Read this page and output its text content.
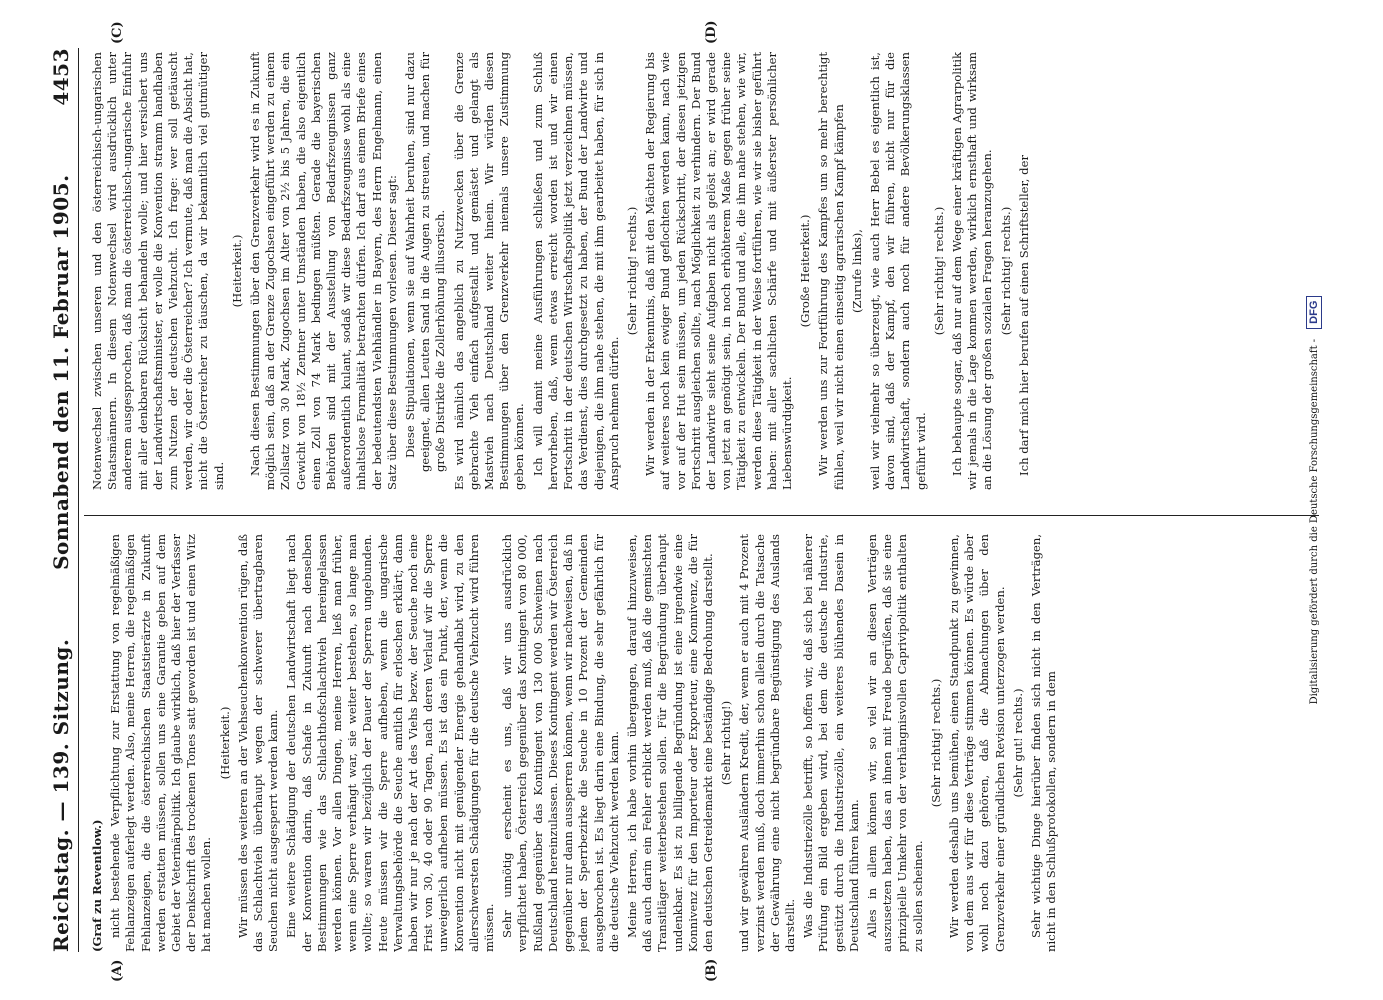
Reichstag. — 139. Sitzung.
Sonnabend den 11. Februar 1905.
4453
(A)	(B)
(C)	(D)

(Graf zu Reventlow.) nicht bestehende Verpflichtung zur Erstattung von regelmäßigen Fehlanzeigen auferlegt werden. Also, meine Herren, die regelmäßigen Fehlanzeigen, die die österreichischen Staatstierärzte in Zukunft werden erstatten müssen, sollen uns eine Garantie geben auf dem Gebiet der Veterinärpolitik. Ich glaube wirklich, daß hier der Verfasser der Denkschrift des trockenen Tones satt geworden ist und einen Witz hat machen wollen.

(Heiterkeit.) Wir müssen des weiteren an der Viehseuchenkonvention rügen, daß das Schlachtvieh überhaupt wegen der schwerer übertragbaren Seuchen nicht ausgesperrt werden kann. Eine weitere Schädigung der deutschen Landwirtschaft liegt nach der Konvention darin, daß Schafe in Zukunft nach denselben Bestimmungen wie das Schlachthofschlachtvieh hereingelassen werden können. Vor allen Dingen, meine Herren, ließ man früher, wenn eine Sperre verhängt war, sie weiter bestehen, so lange man wollte; so waren wir bezüglich der Dauer der Sperren ungebunden. Heute müssen wir die Sperre aufheben, wenn die ungarische Verwaltungsbehörde die Seuche amtlich für erloschen erklärt; dann haben wir nur je nach der Art des Viehs bezw. der Seuche noch eine Frist von 30, 40 oder 90 Tagen, nach deren Verlauf wir die Sperre unweigerlich aufheben müssen. Es ist das ein Punkt, der, wenn die Konvention nicht mit genügender Energie gehandhabt wird, zu den allerschwersten Schädigungen für die deutsche Viehzucht wird führen müssen. Sehr unnötig erscheint es uns, daß wir uns ausdrücklich verpflichtet haben, Österreich gegenüber das Kontingent von 80 000, Rußland gegenüber das Kontingent von 130 000 Schweinen nach Deutschland hereinzulassen. Dieses Kontingent werden wir Österreich gegenüber nur dann aussperren können, wenn wir nachweisen, daß in jedem der Sperrbezirke die Seuche in 10 Prozent der Gemeinden ausgebrochen ist. Es liegt darin eine Bindung, die sehr gefährlich für die deutsche Viehzucht werden kann. Meine Herren, ich habe vorhin übergangen, darauf hinzuweisen, daß auch darin ein Fehler erblickt werden muß, daß die gemischten Transitläger weiterbestehen sollen. Für die Begründung überhaupt undenkbar. Es ist zu billigende Begründung ist eine irgendwie eine Konnivenz für den Importeur oder Exporteur, eine Konnivenz, die für den deutschen Getreidemarkt eine beständige Bedrohung darstellt. (Sehr richtig!) und wir gewähren Ausländern Kredit, der, wenn er auch mit 4 Prozent verzinst werden muß, doch immerhin schon allein durch die Tatsache der Gewährung eine nicht begründbare Begünstigung des Auslands darstellt. Was die Industriezölle betrifft, so hoffen wir, daß sich bei näherer Prüfung ein Bild ergeben wird, bei dem die deutsche Industrie, gestützt durch die Industriezölle, ein weiteres blühendes Dasein in Deutschland führen kann. Alles in allem können wir, so viel wir an diesen Verträgen auszusetzen haben, das an ihnen mit Freude begrüßen, daß sie eine prinzipielle Umkehr von der verhängnisvollen Caprivipolitik enthalten zu sollen scheinen.

(Sehr richtig! rechts.) Wir werden deshalb uns bemühen, einen Standpunkt zu gewinnen, von dem aus wir für diese Verträge stimmen können. Es würde aber wohl noch dazu gehören, daß die Abmachungen über den Grenzverkehr einer gründlichen Revision unterzogen werden. (Sehr gut! rechts.) Sehr wichtige Dinge hierüber finden sich nicht in den Verträgen, nicht in den Schlußprotokollen, sondern in dem

Notenwechsel zwischen unseren und den österreichisch-ungarischen Staatsmännern. In diesem Notenwechsel wird ausdrücklich unter anderem ausgesprochen, daß man die österreichisch-ungarische Einfuhr mit aller denkbaren Rücksicht behandeln wolle; und hier versichert uns der Landwirtschaftsminister, er wolle die Konvention stramm handhaben zum Nutzen der deutschen Viehzucht. Ich frage: wer soll getäuscht werden, wir oder die Österreicher? Ich vermute, daß man die Absicht hat, nicht die Österreicher zu täuschen, da wir bekanntlich viel gutmütiger sind.

(Heiterkeit.) Nach diesen Bestimmungen über den Grenzverkehr wird es in Zukunft möglich sein, daß an der Grenze Zugochsen eingeführt werden zu einem Zollsatz von 30 Mark, Zugochsen im Alter von 2½ bis 5 Jahren, die ein Gewicht von 18½ Zentner unter Umständen haben, die also eigentlich einen Zoll von 74 Mark bedingen müßten. Gerade die bayerischen Behörden sind mit der Ausstellung von Bedarfszeugnissen ganz außerordentlich kulant, sodaß wir diese Bedarfszeugnisse wohl als eine inhaltslose Formalität betrachten dürfen. Ich darf aus einem Briefe eines der bedeutendsten Viehhändler in Bayern, des Herrn Engelmann, einen Satz über diese Bestimmungen vorlesen. Dieser sagt: Diese Stipulationen, wenn sie auf Wahrheit beruhen, sind nur dazu geeignet, allen Leuten Sand in die Augen zu streuen, und machen für große Distrikte die Zollerhöhung illusorisch. Es wird nämlich das angeblich zu Nutzzwecken über die Grenze gebrachte Vieh einfach aufgestallt und gemästet und gelangt als Mastvieh nach Deutschland weiter hinein. Wir würden diesen Bestimmungen über den Grenzverkehr niemals unsere Zustimmung geben können. Ich will damit meine Ausführungen schließen und zum Schluß hervorheben, daß, wenn etwas erreicht worden ist und wir einen Fortschritt in der deutschen Wirtschaftspolitik jetzt verzeichnen müssen, das Verdienst, dies durchgesetzt zu haben, der Bund der Landwirte und diejenigen, die ihm nahe stehen, die mit ihm gearbeitet haben, für sich in Anspruch nehmen dürfen.

(Sehr richtig! rechts.) Wir werden in der Erkenntnis, daß mit den Mächten der Regierung bis auf weiteres noch kein ewiger Bund geflochten werden kann, nach wie vor auf der Hut sein müssen, um jeden Rückschritt, der diesen jetzigen Fortschritt ausgleichen sollte, nach Möglichkeit zu verhindern. Der Bund der Landwirte sieht seine Aufgaben nicht als gelöst an; er wird gerade von jetzt an genötigt sein, in noch erhöhterem Maße gegen früher seine Tätigkeit zu entwickeln. Der Bund und alle, die ihm nahe stehen, wie wir, werden diese Tätigkeit in der Weise fortführen, wie wir sie bisher geführt haben: mit aller sachlichen Schärfe und mit äußerster persönlicher Liebenswürdigkeit.

(Große Heiterkeit.) Wir werden uns zur Fortführung des Kampfes um so mehr berechtigt fühlen, weil wir nicht einen einseitig agrarischen Kampf kämpfen (Zurufe links), weil wir vielmehr so überzeugt, wie auch Herr Bebel es eigentlich ist, davon sind, daß der Kampf, den wir führen, nicht nur für die Landwirtschaft, sondern auch noch für andere Bevölkerungsklassen geführt wird.

(Sehr richtig! rechts.) Ich behaupte sogar, daß nur auf dem Wege einer kräftigen Agrarpolitik wir jemals in die Lage kommen werden, wirklich ernsthaft und wirksam an die Lösung der großen sozialen Fragen heranzugehen. (Sehr richtig! rechts.) Ich darf mich hier berufen auf einen Schriftsteller, der

Digitalisierung gefördert durch die Deutsche Forschungsgemeinschaft -
DFG
